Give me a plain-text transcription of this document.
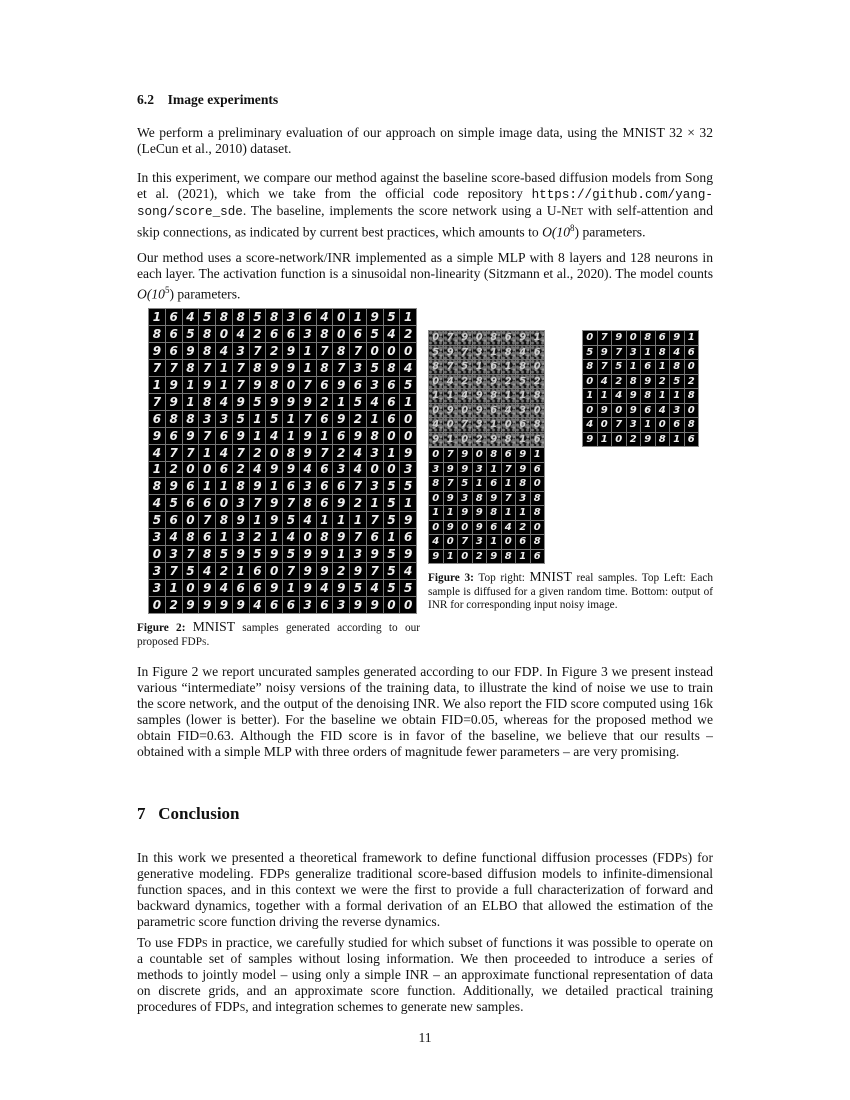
6.2 Image experiments

We perform a preliminary evaluation of our approach on simple image data, using the MNIST 32 × 32 (LeCun et al., 2010) dataset.

In this experiment, we compare our method against the baseline score-based diffusion models from Song et al. (2021), which we take from the official code repository https://github.com/yang-song/score_sde. The baseline, implements the score network using a U-Net with self-attention and skip connections, as indicated by current best practices, which amounts to $O(10^8)$ parameters.

Our method uses a score-network/INR implemented as a simple MLP with 8 layers and 128 neurons in each layer. The activation function is a sinusoidal non-linearity (Sitzmann et al., 2020). The model counts $O(10^5)$ parameters.

1 6 4 5 8 8 5 8 3 6 4 0 1 9 5 1
8 6 5 8 0 4 2 6 6 3 8 0 6 5 4 2
9 6 9 8 4 3 7 2 9 1 7 8 7 0 0 0
7 7 8 7 1 7 8 9 9 1 8 7 3 5 8 4
1 9 1 9 1 7 9 8 0 7 6 9 6 3 6 5
7 9 1 8 4 9 5 9 9 9 2 1 5 4 6 1
6 8 8 3 3 5 1 5 1 7 6 9 2 1 6 0
9 6 9 7 6 9 1 4 1 9 1 6 9 8 0 0
4 7 7 1 4 7 2 0 8 9 7 2 4 3 1 9
1 2 0 0 6 2 4 9 9 4 6 3 4 0 0 3
8 9 6 1 1 8 9 1 6 3 6 6 7 3 5 5
4 5 6 6 0 3 7 9 7 8 6 9 2 1 5 1
5 6 0 7 8 9 1 9 5 4 1 1 1 7 5 9
3 4 8 6 1 3 2 1 4 0 8 9 7 6 1 6
0 3 7 8 5 9 5 9 5 9 9 1 3 9 5 9
3 7 5 4 2 1 6 0 7 9 9 2 9 7 5 4
3 1 0 9 4 6 6 9 1 9 4 9 5 4 5 5
0 2 9 9 9 9 4 6 6 3 6 3 9 9 0 0
Figure 2: MNIST samples generated according to our proposed FDPs.
0 7 9 0 8 6 9 1
5 9 7 3 1 8 4 6
8 7 5 1 6 1 8 0
0 4 2 8 9 2 5 2
1 1 4 9 8 1 1 8
0 9 0 9 6 4 3 0
4 0 7 3 1 0 6 8
9 1 0 2 9 8 1 6
0 7 9 0 8 6 9 1
3 9 9 3 1 7 9 6
8 7 5 1 6 1 8 0
0 9 3 8 9 7 3 8
1 1 9 9 8 1 1 8
0 9 0 9 6 4 2 0
4 0 7 3 1 0 6 8
9 1 0 2 9 8 1 6
0 7 9 0 8 6 9 1
5 9 7 3 1 8 4 6
8 7 5 1 6 1 8 0
0 4 2 8 9 2 5 2
1 1 4 9 8 1 1 8
0 9 0 9 6 4 3 0
4 0 7 3 1 0 6 8
9 1 0 2 9 8 1 6
Figure 3: Top right: MNIST real samples. Top Left: Each sample is diffused for a given random time. Bottom: output of INR for corresponding input noisy image.

In Figure 2 we report uncurated samples generated according to our FDP. In Figure 3 we present instead various “intermediate” noisy versions of the training data, to illustrate the kind of noise we use to train the score network, and the output of the denoising INR. We also report the FID score computed using 16k samples (lower is better). For the baseline we obtain FID=0.05, whereas for the proposed method we obtain FID=0.63. Although the FID score is in favor of the baseline, we believe that our results – obtained with a simple MLP with three orders of magnitude fewer parameters – are very promising.

7 Conclusion

In this work we presented a theoretical framework to define functional diffusion processes (FDPs) for generative modeling. FDPs generalize traditional score-based diffusion models to infinite-dimensional function spaces, and in this context we were the first to provide a full characterization of forward and backward dynamics, together with a formal derivation of an ELBO that allowed the estimation of the parametric score function driving the reverse dynamics.

To use FDPs in practice, we carefully studied for which subset of functions it was possible to operate on a countable set of samples without losing information. We then proceeded to introduce a series of methods to jointly model – using only a simple INR – an approximate functional representation of data on discrete grids, and an approximate score function. Additionally, we detailed practical training procedures of FDPs, and integration schemes to generate new samples.

11
